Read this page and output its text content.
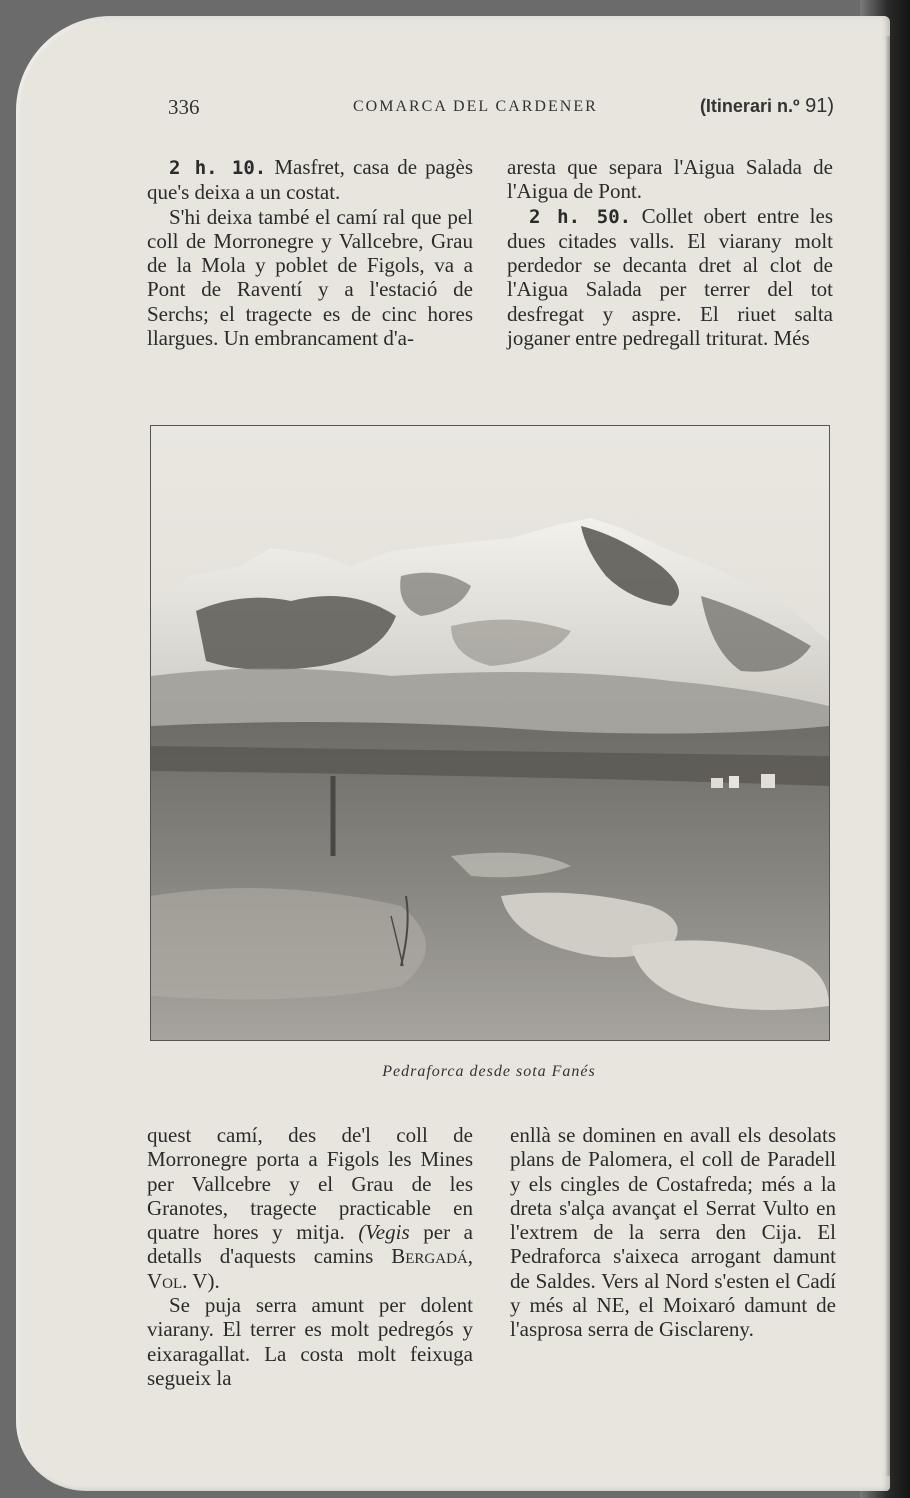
336	COMARCA DEL CARDENER	(Itinerari n.º 91)

2 h. 10. Masfret, casa de pagès que's deixa a un costat.

S'hi deixa també el camí ral que pel coll de Morronegre y Vallcebre, Grau de la Mola y poblet de Figols, va a Pont de Raventí y a l'estació de Serchs; el tragecte es de cinc hores llargues. Un embrancament d'a-

aresta que separa l'Aigua Salada de l'Aigua de Pont.

2 h. 50. Collet obert entre les dues citades valls. El viarany molt perdedor se decanta dret al clot de l'Aigua Salada per terrer del tot desfregat y aspre. El riuet salta joganer entre pedregall triturat. Més

Pedraforca desde sota Fanés

quest camí, des de'l coll de Morronegre porta a Figols les Mines per Vallcebre y el Grau de les Granotes, tragecte practicable en quatre hores y mitja. (Vegis per a detalls d'aquests camins Bergadá, Vol. V).

Se puja serra amunt per dolent viarany. El terrer es molt pedregós y eixaragallat. La costa molt feixuga segueix la

enllà se dominen en avall els desolats plans de Palomera, el coll de Paradell y els cingles de Costafreda; més a la dreta s'alça avançat el Serrat Vulto en l'extrem de la serra den Cija. El Pedraforca s'aixeca arrogant damunt de Saldes. Vers al Nord s'esten el Cadí y més al NE, el Moixaró damunt de l'asprosa serra de Gisclareny.
